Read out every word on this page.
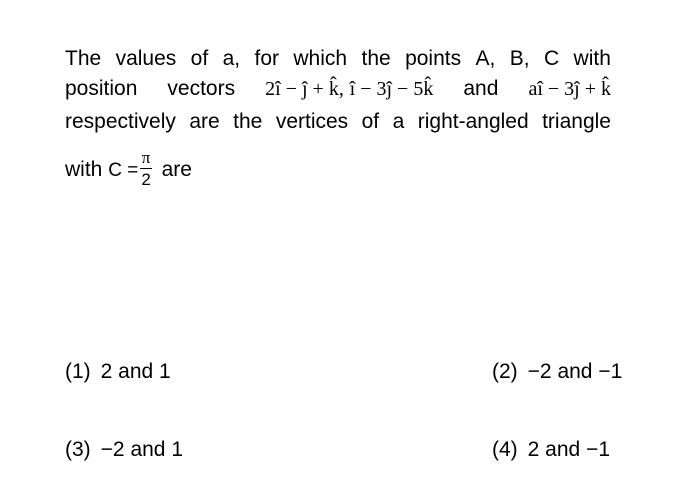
The values of a, for which the points A, B, C with
position vectors 2î − ĵ + k̂, î − 3ĵ − 5k̂ and aî − 3ĵ + k̂
respectively are the vertices of a right-angled triangle
with $C = \frac{\pi}{2}$ are
(1) 2 and 1	(2) −2 and −1
(3) −2 and 1	(4) 2 and −1
